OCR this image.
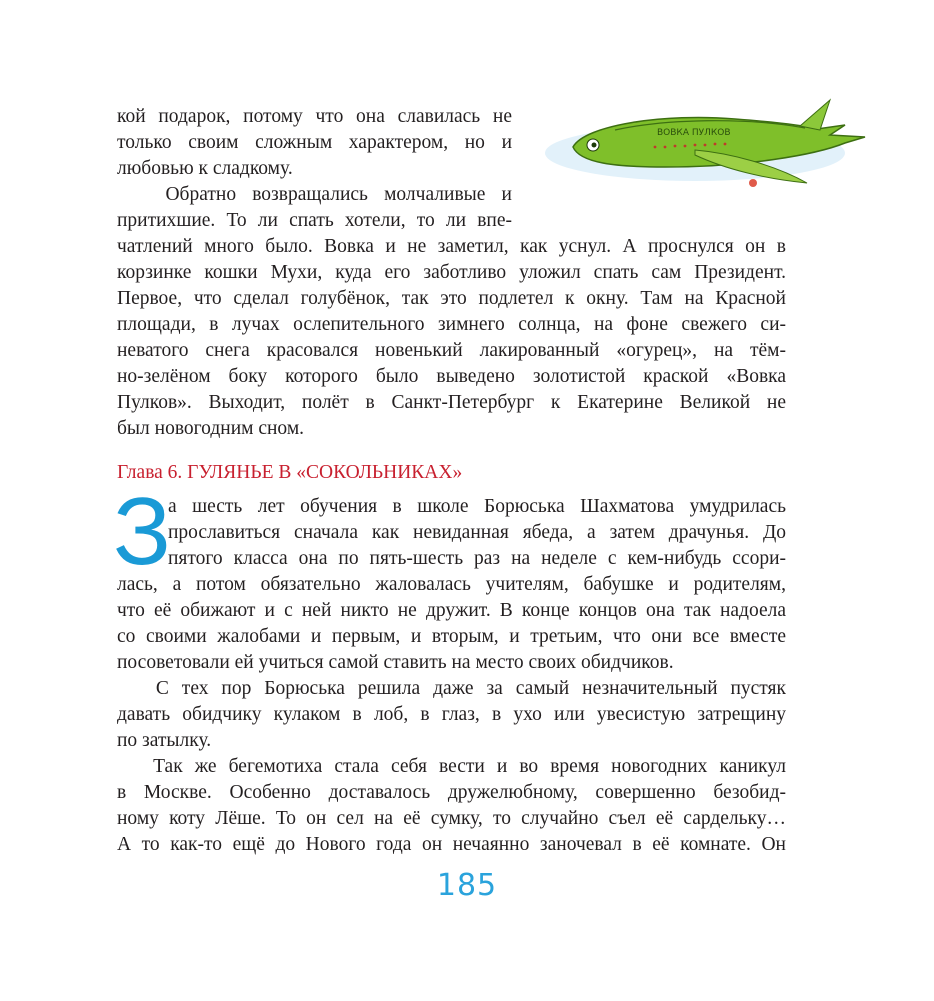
ВОВКА ПУЛКОВ
кой подарок, потому что она славилась не
только своим сложным характером, но и
любовью к сладкому.
Обратно возвращались молчаливые и
притихшие. То ли спать хотели, то ли впе-
чатлений много было. Вовка и не заметил, как уснул. А проснулся он в
корзинке кошки Мухи, куда его заботливо уложил спать сам Президент.
Первое, что сделал голубёнок, так это подлетел к окну. Там на Красной
площади, в лучах ослепительного зимнего солнца, на фоне свежего си-
неватого снега красовался новенький лакированный «огурец», на тём-
но-зелёном боку которого было выведено золотистой краской «Вовка
Пулков». Выходит, полёт в Санкт-Петербург к Екатерине Великой не
был новогодним сном.
Глава 6. ГУЛЯНЬЕ В «СОКОЛЬНИКАХ»
З
а шесть лет обучения в школе Борюська Шахматова умудрилась
прославиться сначала как невиданная ябеда, а затем драчунья. До
пятого класса она по пять-шесть раз на неделе с кем-нибудь ссори-
лась, а потом обязательно жаловалась учителям, бабушке и родителям,
что её обижают и с ней никто не дружит. В конце концов она так надоела
со своими жалобами и первым, и вторым, и третьим, что они все вместе
посоветовали ей учиться самой ставить на место своих обидчиков.
С тех пор Борюська решила даже за самый незначительный пустяк
давать обидчику кулаком в лоб, в глаз, в ухо или увесистую затрещину
по затылку.
Так же бегемотиха стала себя вести и во время новогодних каникул
в Москве. Особенно доставалось дружелюбному, совершенно безобид-
ному коту Лёше. То он сел на её сумку, то случайно съел её сардельку…
А то как-то ещё до Нового года он нечаянно заночевал в её комнате. Он
185
